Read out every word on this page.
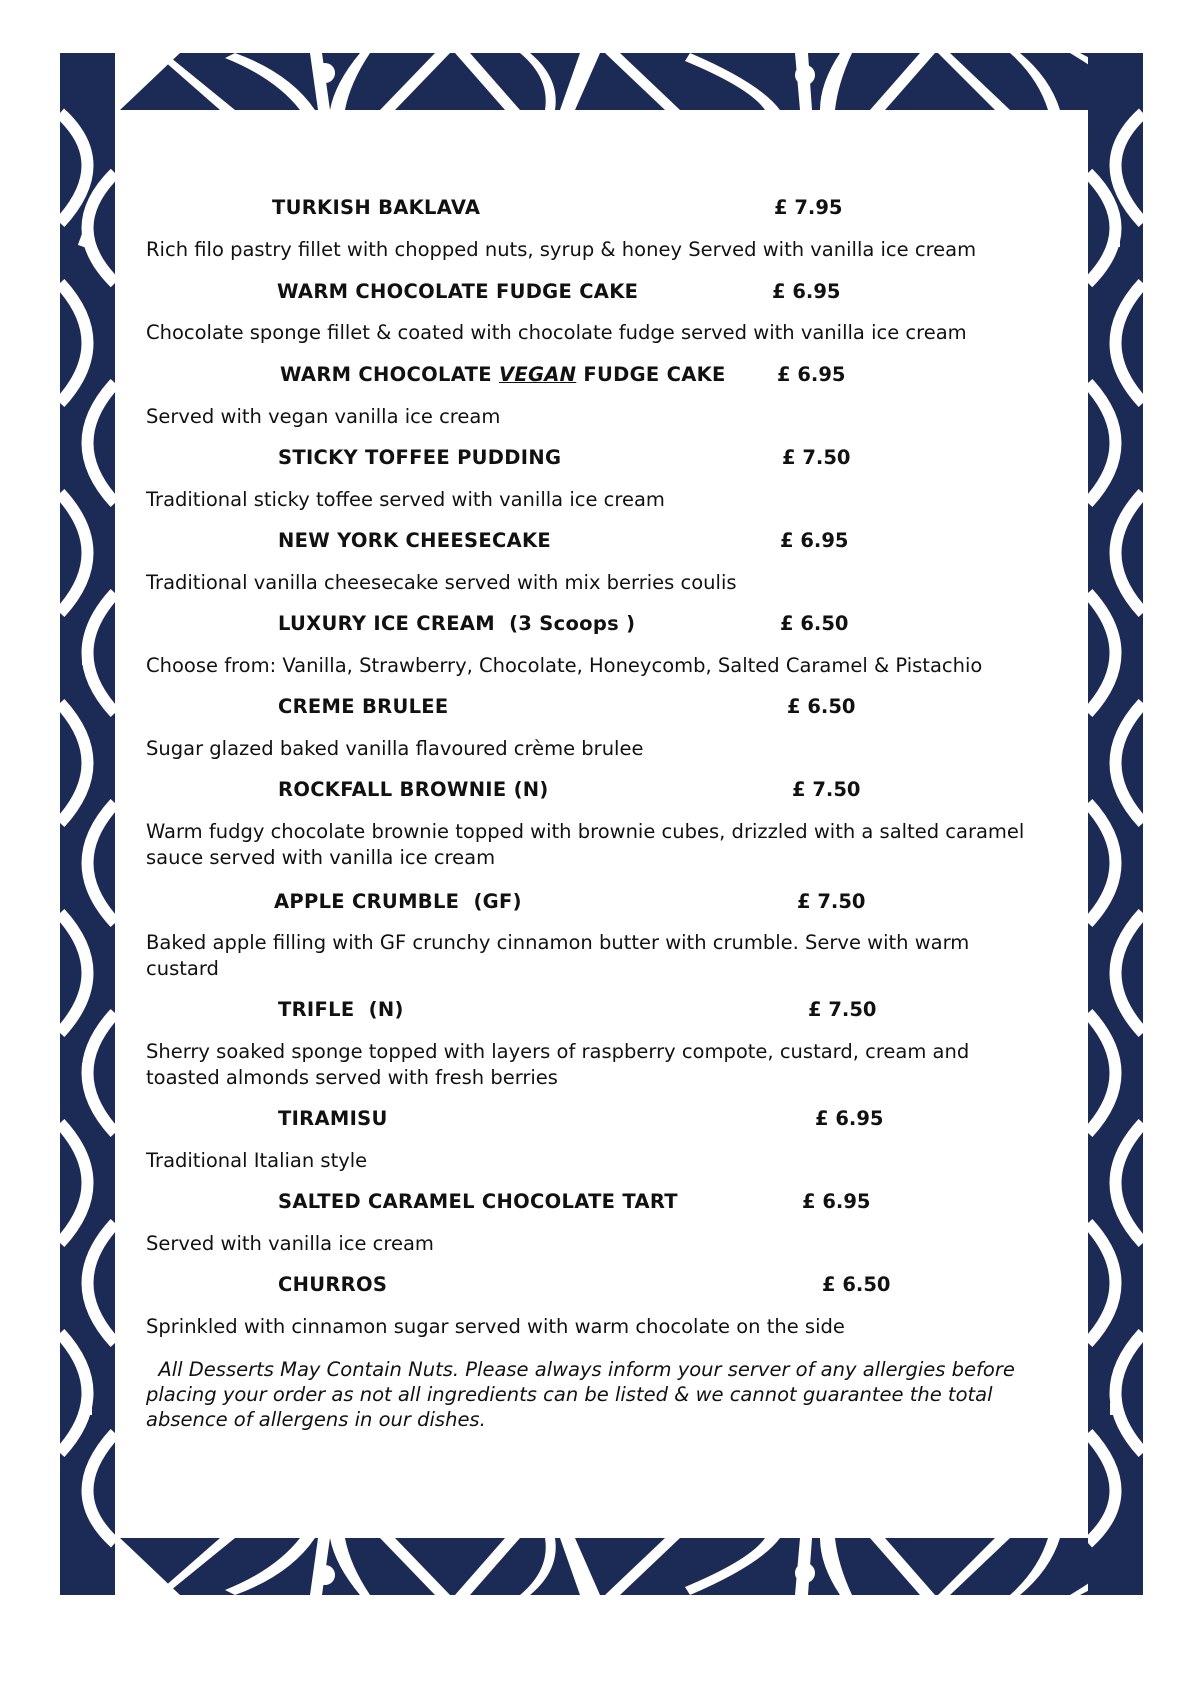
TURKISH BAKLAVA	£ 7.95
Rich filo pastry fillet with chopped nuts, syrup & honey Served with vanilla ice cream
WARM CHOCOLATE FUDGE CAKE	£ 6.95
Chocolate sponge fillet & coated with chocolate fudge served with vanilla ice cream
WARM CHOCOLATE VEGAN FUDGE CAKE	£ 6.95
Served with vegan vanilla ice cream
STICKY TOFFEE PUDDING	£ 7.50
Traditional sticky toffee served with vanilla ice cream
NEW YORK CHEESECAKE	£ 6.95
Traditional vanilla cheesecake served with mix berries coulis
LUXURY ICE CREAM  (3 Scoops )	£ 6.50
Choose from: Vanilla, Strawberry, Chocolate, Honeycomb, Salted Caramel & Pistachio
CREME BRULEE	£ 6.50
Sugar glazed baked vanilla flavoured crème brulee
ROCKFALL BROWNIE (N)	£ 7.50
Warm fudgy chocolate brownie topped with brownie cubes, drizzled with a salted caramel sauce served with vanilla ice cream
APPLE CRUMBLE  (GF)	£ 7.50
Baked apple filling with GF crunchy cinnamon butter with crumble. Serve with warm custard
TRIFLE  (N)	£ 7.50
Sherry soaked sponge topped with layers of raspberry compote, custard, cream and toasted almonds served with fresh berries
TIRAMISU	£ 6.95
Traditional Italian style
SALTED CARAMEL CHOCOLATE TART	£ 6.95
Served with vanilla ice cream
CHURROS	£ 6.50
Sprinkled with cinnamon sugar served with warm chocolate on the side
All Desserts May Contain Nuts. Please always inform your server of any allergies before placing your order as not all ingredients can be listed & we cannot guarantee the total absence of allergens in our dishes.
